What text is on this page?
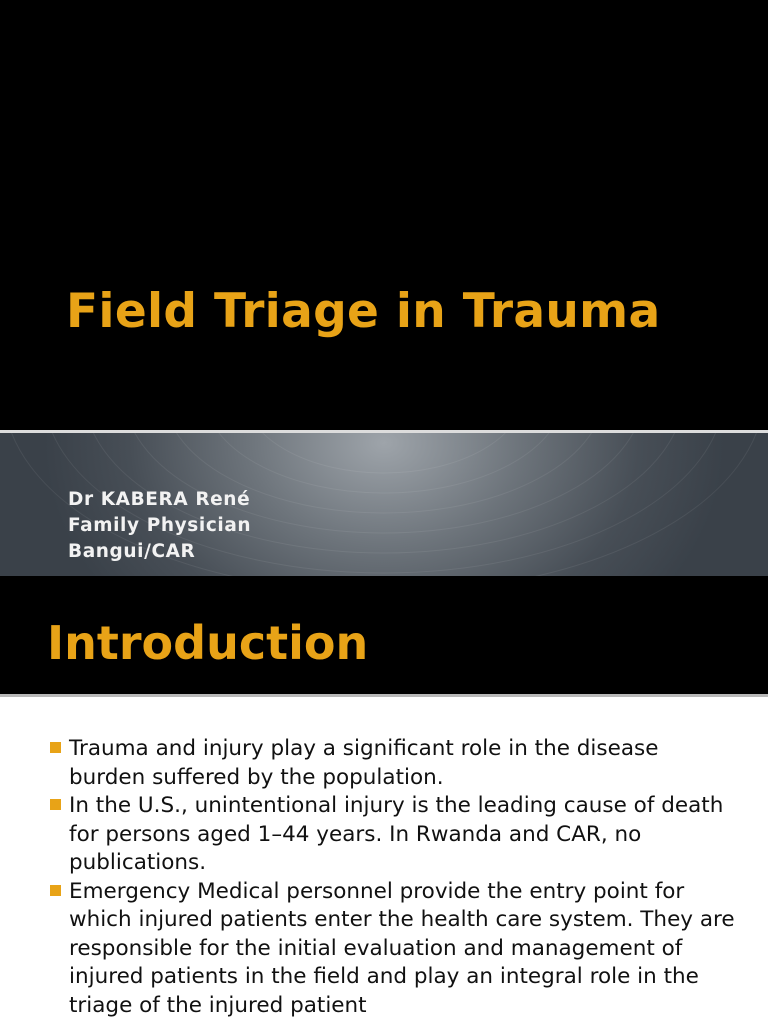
Field Triage in Trauma
Dr KABERA René
Family Physician
Bangui/CAR
Introduction
Trauma and injury play a significant role in the disease burden suffered by the population.
In the U.S., unintentional injury is the leading cause of death for persons aged 1–44 years. In Rwanda and CAR, no publications.
Emergency Medical personnel provide the entry point for which injured patients enter the health care system. They are responsible for the initial evaluation and management of injured patients in the field and play an integral role in the triage of the injured patient
